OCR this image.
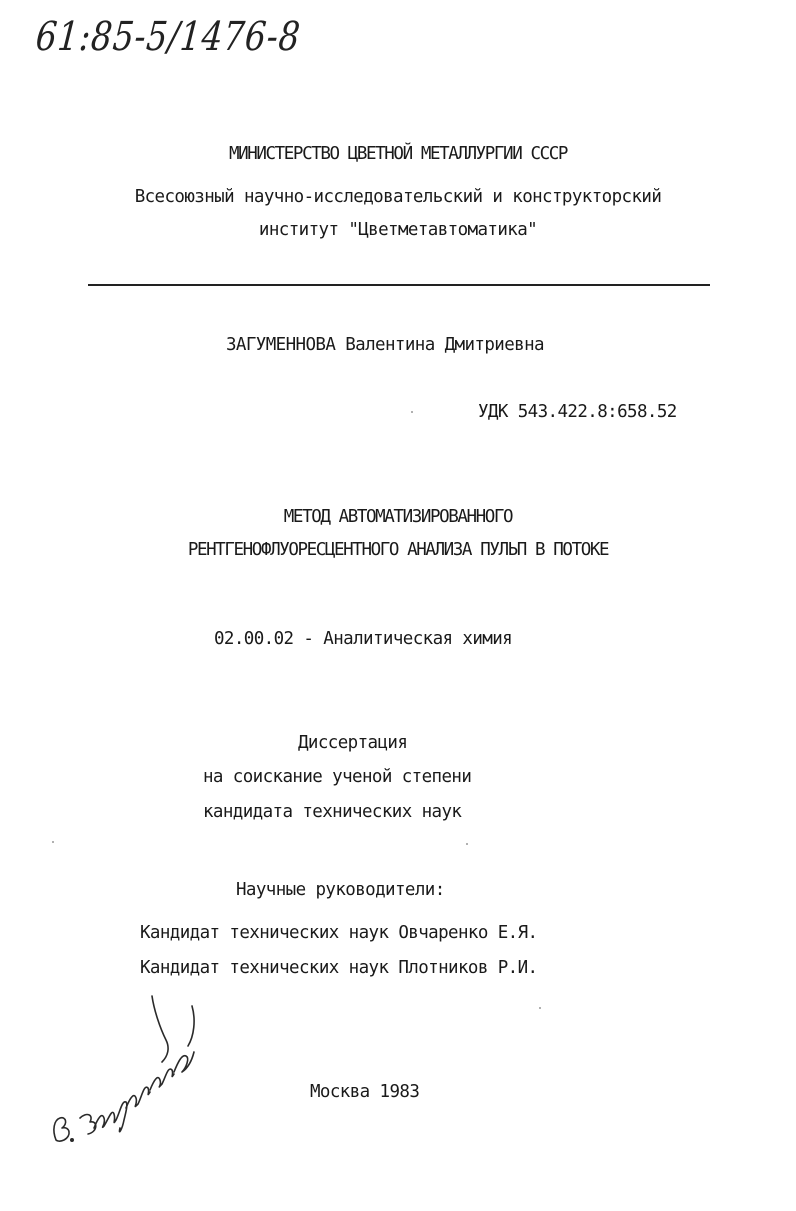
61:85-5/1476-8
МИНИСТЕРСТВО ЦВЕТНОЙ МЕТАЛЛУРГИИ СССР
Всесоюзный научно-исследовательский и конструкторский
институт "Цветметавтоматика"
ЗАГУМЕННОВА Валентина Дмитриевна
УДК 543.422.8:658.52
МЕТОД АВТОМАТИЗИРОВАННОГО
РЕНТГЕНОФЛУОРЕСЦЕНТНОГО АНАЛИЗА ПУЛЬП В ПОТОКЕ
02.00.02 - Аналитическая химия
Диссертация
на соискание ученой степени
кандидата технических наук
Научные руководители:
Кандидат технических наук Овчаренко Е.Я.
Кандидат технических наук Плотников Р.И.
Москва 1983
